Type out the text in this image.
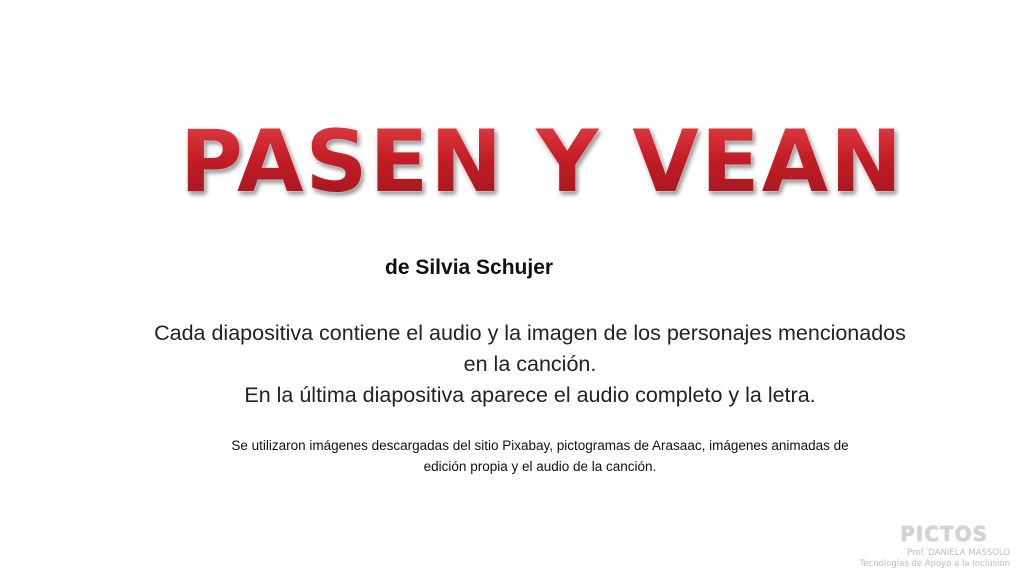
PASEN Y VEAN
de Silvia Schujer
Cada diapositiva contiene el audio y la imagen de los personajes mencionados
en la canción.
En la última diapositiva aparece el audio completo y la letra.
Se utilizaron imágenes descargadas del sitio Pixabay, pictogramas de Arasaac, imágenes animadas de
edición propia y el audio de la canción.
PICTOS
Prof. DANIELA MASSOLO
Tecnologías de Apoyo a la Inclusión
